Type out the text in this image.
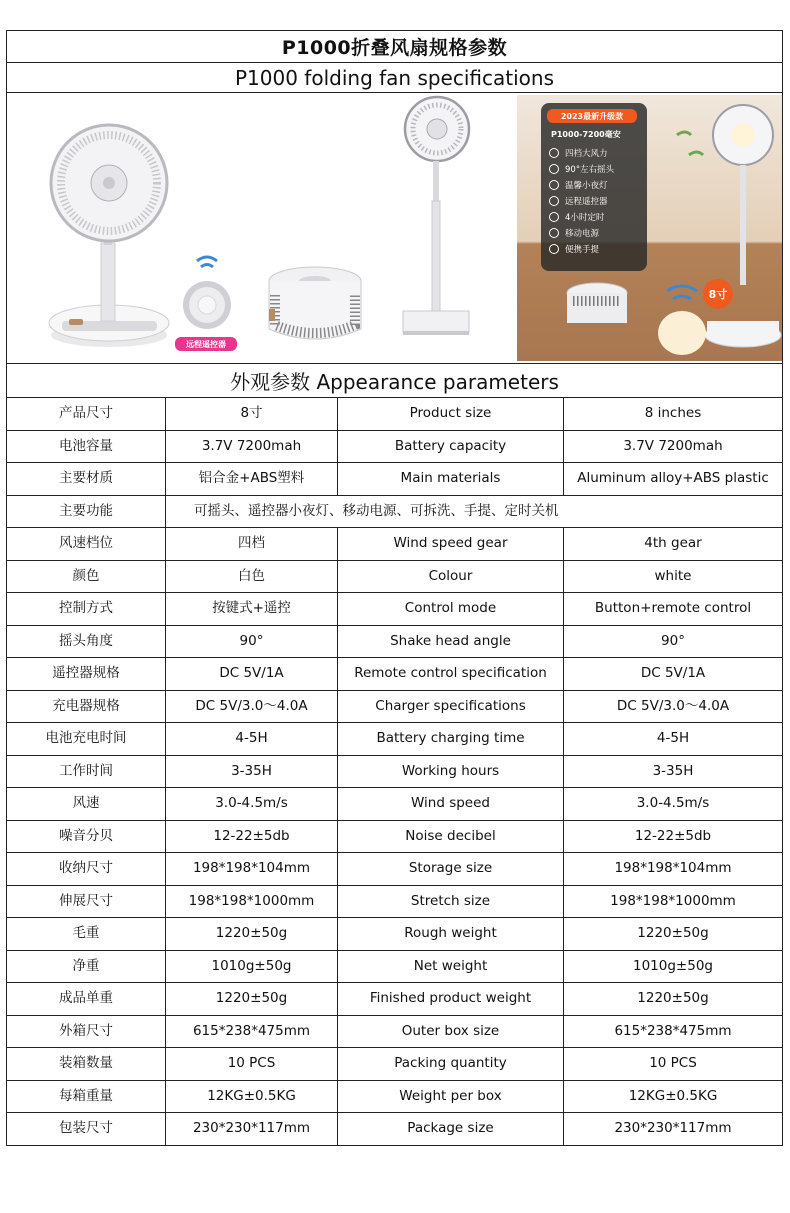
P1000折叠风扇规格参数
P1000 folding fan specifications
远程遥控器
2023最新升级款
P1000-7200毫安
四档大风力
90°左右摇头
温馨小夜灯
远程遥控器
4小时定时
移动电源
便携手提
8寸
外观参数 Appearance parameters
产品尺寸	8寸	Product size	8 inches
电池容量	3.7V 7200mah	Battery capacity	3.7V 7200mah
主要材质	铝合金+ABS塑料	Main materials	Aluminum alloy+ABS plastic
主要功能	可摇头、遥控器小夜灯、移动电源、可拆洗、手提、定时关机		
风速档位	四档	Wind speed gear	4th gear
颜色	白色	Colour	white
控制方式	按键式+遥控	Control mode	Button+remote control
摇头角度	90°	Shake head angle	90°
遥控器规格	DC 5V/1A	Remote control specification	DC 5V/1A
充电器规格	DC 5V/3.0～4.0A	Charger specifications	DC 5V/3.0～4.0A
电池充电时间	4-5H	Battery charging time	4-5H
工作时间	3-35H	Working hours	3-35H
风速	3.0-4.5m/s	Wind speed	3.0-4.5m/s
噪音分贝	12-22±5db	Noise decibel	12-22±5db
收纳尺寸	198*198*104mm	Storage size	198*198*104mm
伸展尺寸	198*198*1000mm	Stretch size	198*198*1000mm
毛重	1220±50g	Rough weight	1220±50g
净重	1010g±50g	Net weight	1010g±50g
成品单重	1220±50g	Finished product weight	1220±50g
外箱尺寸	615*238*475mm	Outer box size	615*238*475mm
装箱数量	10 PCS	Packing quantity	10 PCS
每箱重量	12KG±0.5KG	Weight per box	12KG±0.5KG
包装尺寸	230*230*117mm	Package size	230*230*117mm
